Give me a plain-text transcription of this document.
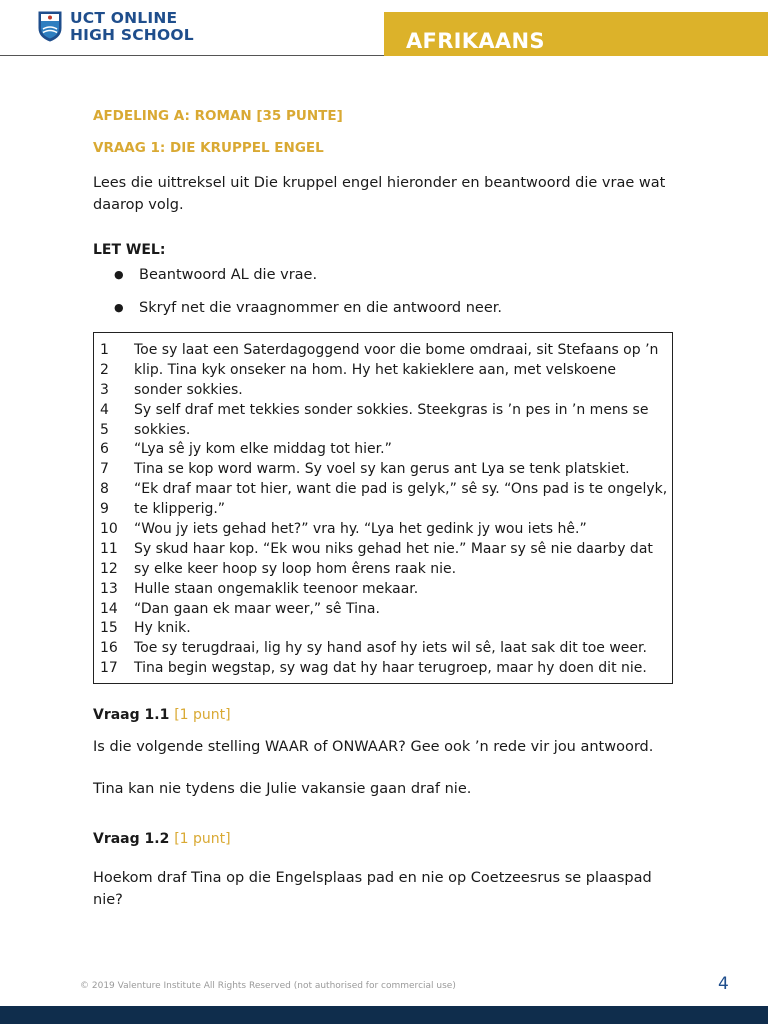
UCT ONLINE
HIGH SCHOOL	AFRIKAANS
AFDELING A: ROMAN [35 PUNTE]
VRAAG 1: DIE KRUPPEL ENGEL
Lees die uittreksel uit Die kruppel engel hieronder en beantwoord die vrae wat daarop volg.
LET WEL:
● Beantwoord AL die vrae.
● Skryf net die vraagnommer en die antwoord neer.
1	Toe sy laat een Saterdagoggend voor die bome omdraai, sit Stefaans op ’n
2	klip. Tina kyk onseker na hom. Hy het kakieklere aan, met velskoene
3	sonder sokkies.
4	Sy self draf met tekkies sonder sokkies. Steekgras is ’n pes in ’n mens se
5	sokkies.
6	“Lya sê jy kom elke middag tot hier.”
7	Tina se kop word warm. Sy voel sy kan gerus ant Lya se tenk platskiet.
8	“Ek draf maar tot hier, want die pad is gelyk,” sê sy. “Ons pad is te ongelyk,
9	te klipperig.”
10	“Wou jy iets gehad het?” vra hy. “Lya het gedink jy wou iets hê.”
11	Sy skud haar kop. “Ek wou niks gehad het nie.” Maar sy sê nie daarby dat
12	sy elke keer hoop sy loop hom êrens raak nie.
13	Hulle staan ongemaklik teenoor mekaar.
14	“Dan gaan ek maar weer,” sê Tina.
15	Hy knik.
16	Toe sy terugdraai, lig hy sy hand asof hy iets wil sê, laat sak dit toe weer.
17	Tina begin wegstap, sy wag dat hy haar terugroep, maar hy doen dit nie.
Vraag 1.1 [1 punt]
Is die volgende stelling WAAR of ONWAAR? Gee ook ’n rede vir jou antwoord.
Tina kan nie tydens die Julie vakansie gaan draf nie.
Vraag 1.2 [1 punt]
Hoekom draf Tina op die Engelsplaas pad en nie op Coetzeesrus se plaaspad nie?
© 2019 Valenture Institute All Rights Reserved (not authorised for commercial use)	4
